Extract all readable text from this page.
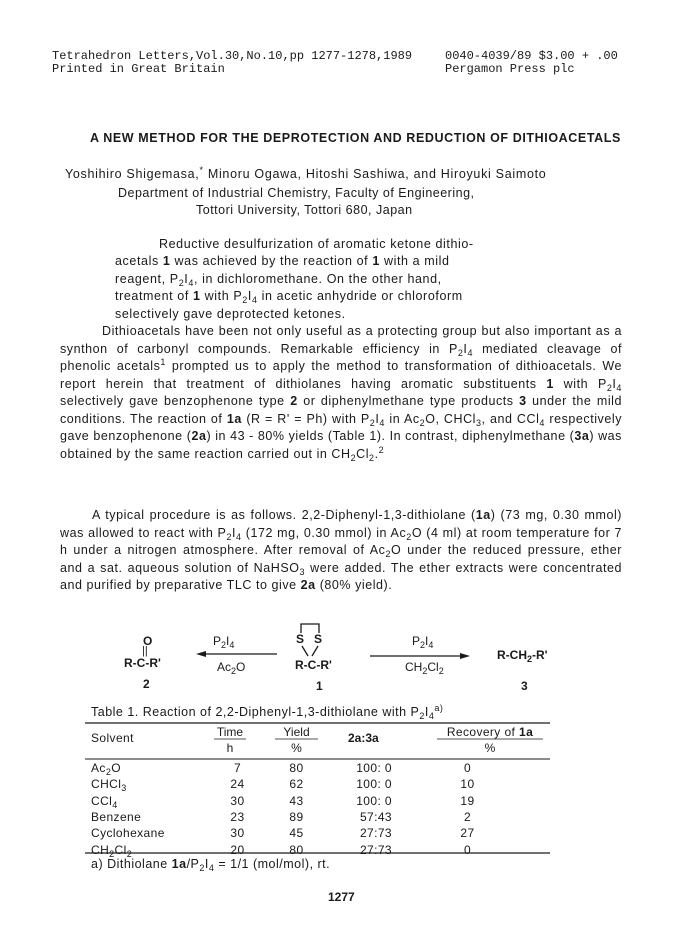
Tetrahedron Letters,Vol.30,No.10,pp 1277-1278,1989
Printed in Great Britain
0040-4039/89 $3.00 + .00
Pergamon Press plc
A NEW METHOD FOR THE DEPROTECTION AND REDUCTION OF DITHIOACETALS
Yoshihiro Shigemasa,* Minoru Ogawa, Hitoshi Sashiwa, and Hiroyuki Saimoto
Department of Industrial Chemistry, Faculty of Engineering,
Tottori University, Tottori 680, Japan
Reductive desulfurization of aromatic ketone dithio-
acetals 1 was achieved by the reaction of 1 with a mild
reagent, $P_2I_4$, in dichloromethane. On the other hand,
treatment of 1 with $P_2I_4$ in acetic anhydride or chloroform
selectively gave deprotected ketones.

Dithioacetals have been not only useful as a protecting group but also important as a synthon of carbonyl compounds. Remarkable efficiency in $P_2I_4$ mediated cleavage of phenolic acetals$^1$ prompted us to apply the method to transformation of dithioacetals. We report herein that treatment of dithiolanes having aromatic substituents 1 with $P_2I_4$ selectively gave benzophenone type 2 or diphenylmethane type products 3 under the mild conditions. The reaction of 1a (R = R' = Ph) with $P_2I_4$ in $Ac_2O$, CHCl$_3$, and CCl$_4$ respectively gave benzophenone (2a) in 43 - 80% yields (Table 1). In contrast, diphenylmethane (3a) was obtained by the same reaction carried out in $CH_2Cl_2.^2$

A typical procedure is as follows. 2,2-Diphenyl-1,3-dithiolane (1a) (73 mg, 0.30 mmol) was allowed to react with $P_2I_4$ (172 mg, 0.30 mmol) in $Ac_2O$ (4 ml) at room temperature for 7 h under a nitrogen atmosphere. After removal of $Ac_2O$ under the reduced pressure, ether and a sat. aqueous solution of NaHSO$_3$ were added. The ether extracts were concentrated and purified by preparative TLC to give 2a (80% yield).

O
||
R-C-R'
2
$P_2I_4$
$Ac_2O$
S S
R-C-R'
1
$P_2I_4$
$CH_2Cl_2$
$R-CH_2-R'$
3
Table 1. Reaction of 2,2-Diphenyl-1,3-dithiolane with $P_2I_4^{a)}$
Solvent	Time
h
Yield
%
2a:3a	Recovery of 1a
%
$Ac_2O$	7	80	100: 0	0
CHCl$_3$	24	62	100: 0	10
CCl$_4$	30	43	100: 0	19
Benzene	23	89	57:43	2
Cyclohexane	30	45	27:73	27
$CH_2Cl_2$	20	80	27:73	0
a) Dithiolane $1a/P_2I_4 = 1/1$ (mol/mol), rt.
1277
